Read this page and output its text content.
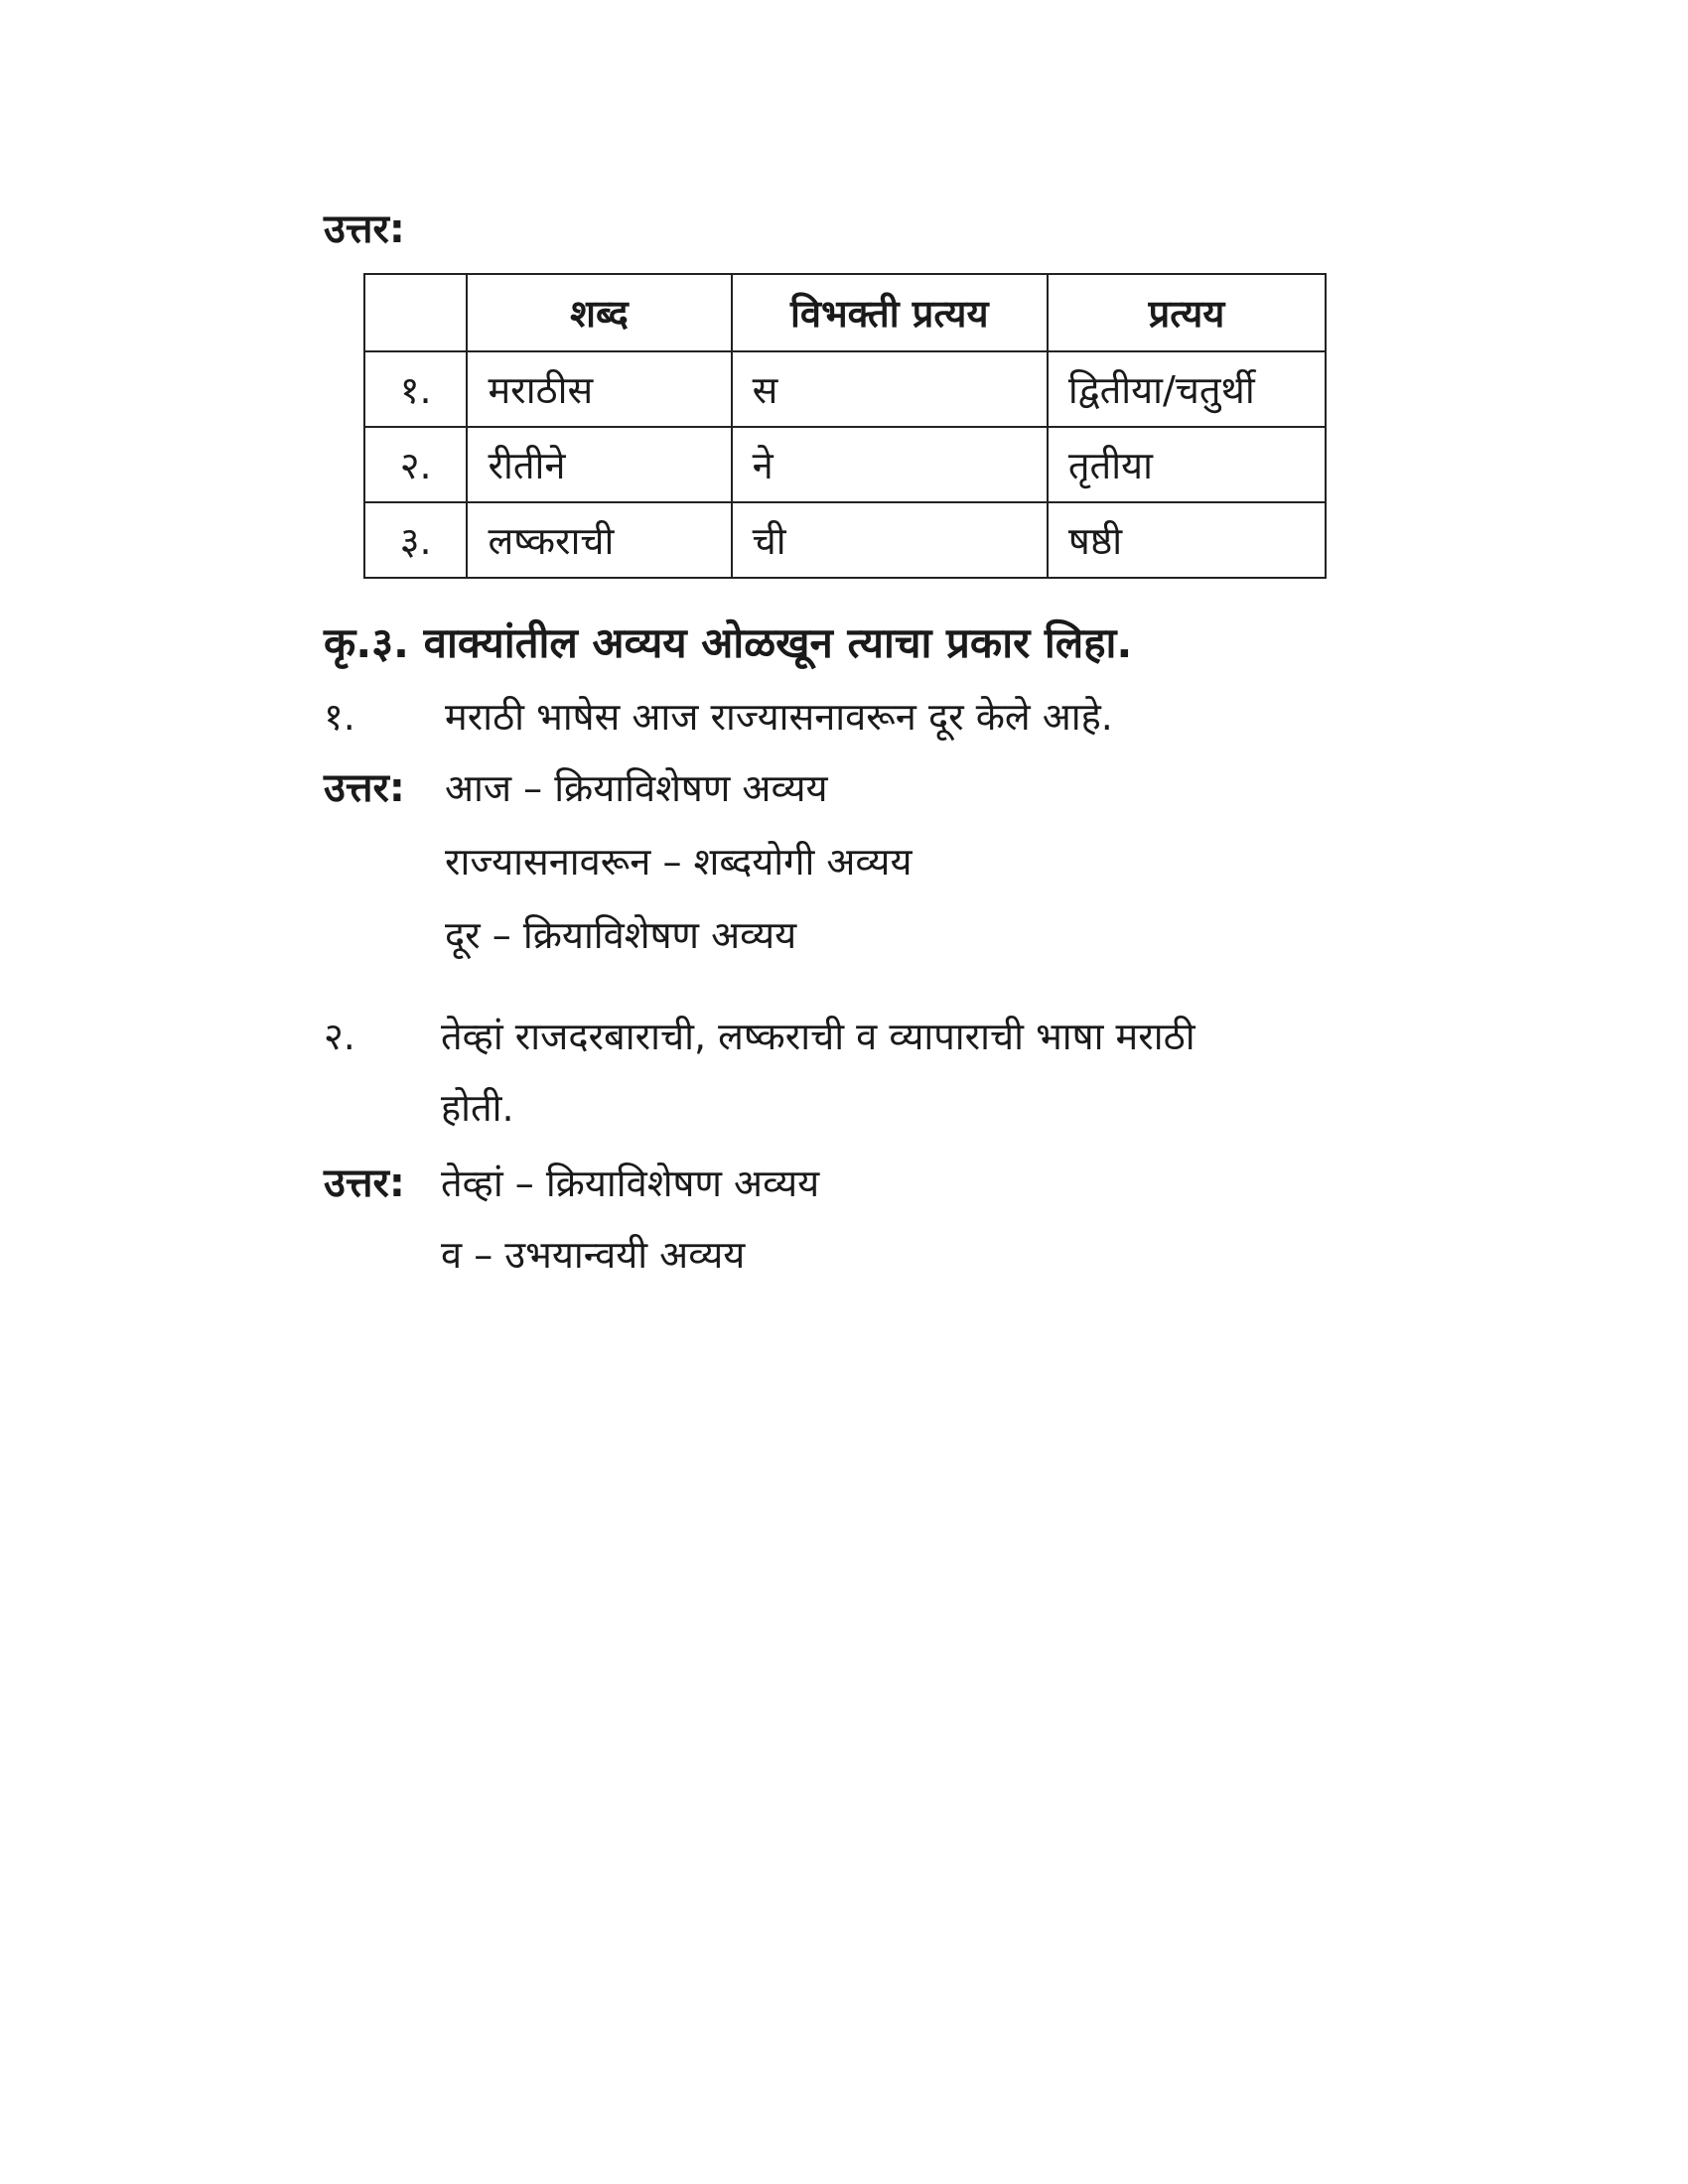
उत्तर:
	शब्द	विभक्ती प्रत्यय	प्रत्यय
१.	मराठीस	स	द्वितीया/चतुर्थी
२.	रीतीने	ने	तृतीया
३.	लष्कराची	ची	षष्ठी
कृ.३. वाक्यांतील अव्यय ओळखून त्याचा प्रकार लिहा.
१. मराठी भाषेस आज राज्यासनावरून दूर केले आहे.
उत्तर: आज – क्रियाविशेषण अव्यय
राज्यासनावरून – शब्दयोगी अव्यय
दूर – क्रियाविशेषण अव्यय
२. तेव्हां राजदरबाराची, लष्कराची व व्यापाराची भाषा मराठी
होती.
उत्तर: तेव्हां – क्रियाविशेषण अव्यय
व – उभयान्वयी अव्यय
